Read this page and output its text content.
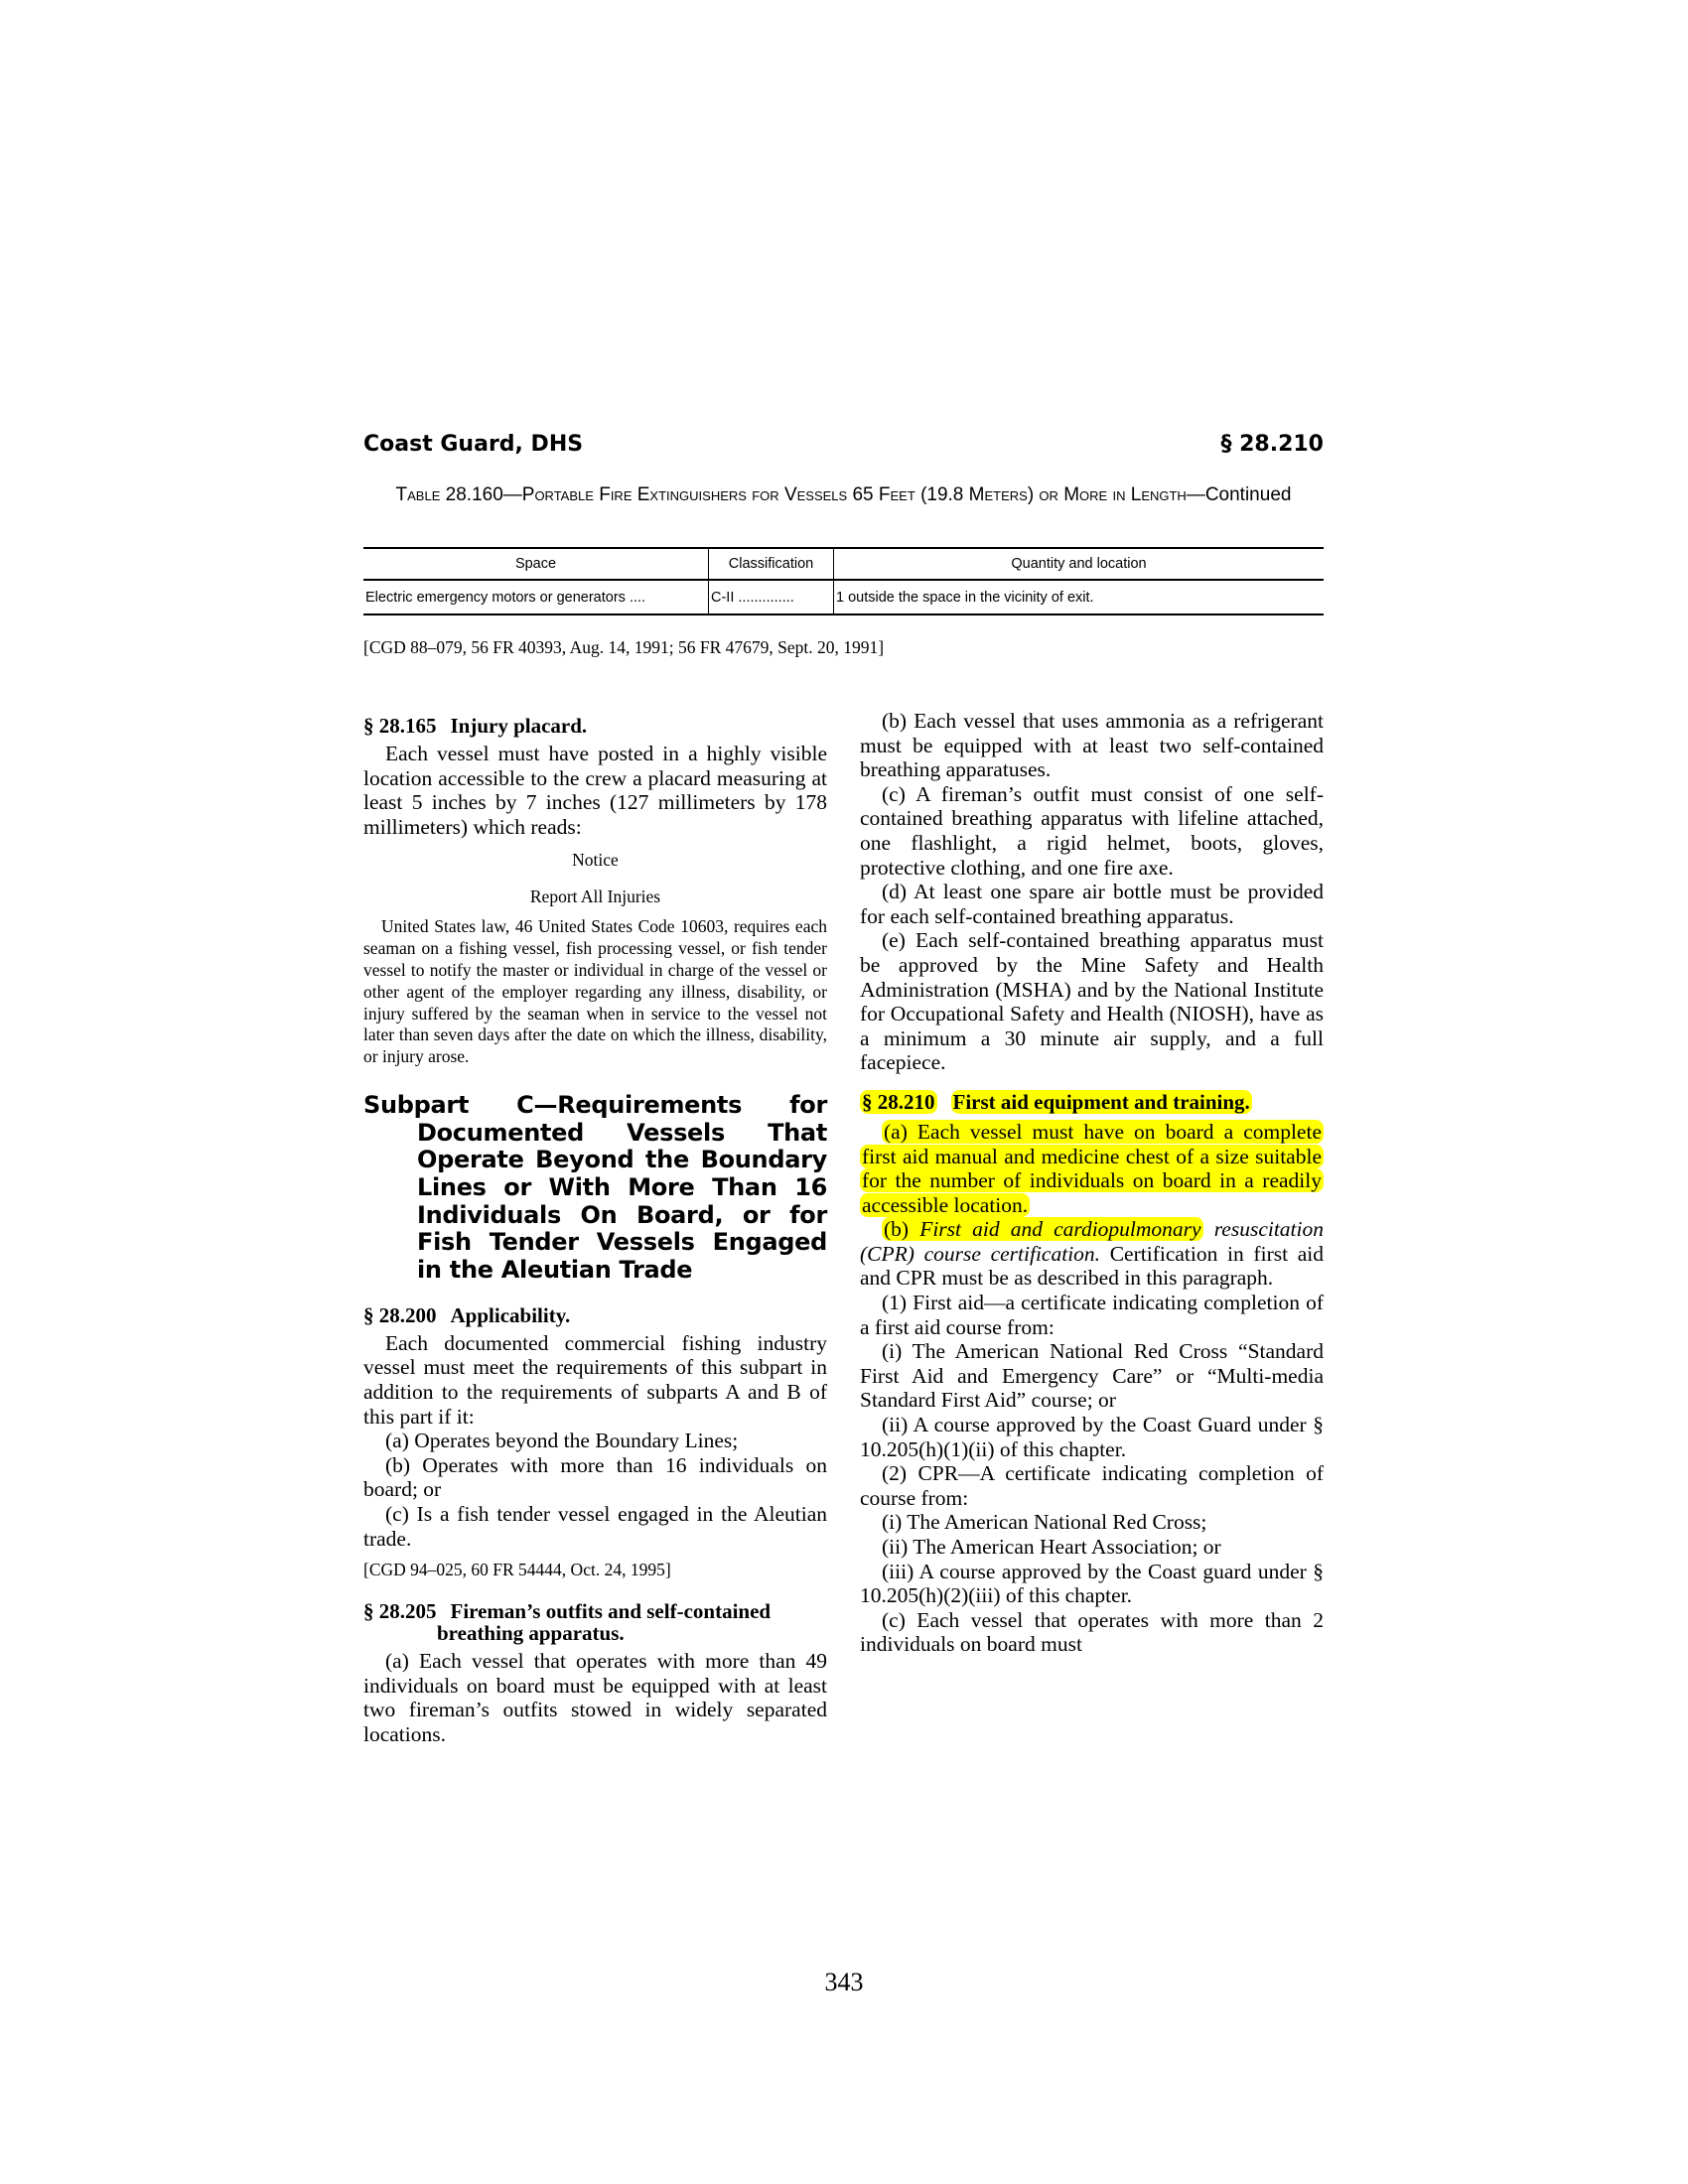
Coast Guard, DHS	§ 28.210
Table 28.160—Portable Fire Extinguishers for Vessels 65 Feet (19.8 Meters) or More in Length—Continued
Space	Classification	Quantity and location
Electric emergency motors or generators ....	C-II ..............	1 outside the space in the vicinity of exit.
[CGD 88–079, 56 FR 40393, Aug. 14, 1991; 56 FR 47679, Sept. 20, 1991]
§ 28.165 Injury placard.

Each vessel must have posted in a highly visible location accessible to the crew a placard measuring at least 5 inches by 7 inches (127 millimeters by 178 millimeters) which reads:

Notice

Report All Injuries

United States law, 46 United States Code 10603, requires each seaman on a fishing vessel, fish processing vessel, or fish tender vessel to notify the master or individual in charge of the vessel or other agent of the employer regarding any illness, disability, or injury suffered by the seaman when in service to the vessel not later than seven days after the date on which the illness, disability, or injury arose.

Subpart C—Requirements for Documented Vessels That Operate Beyond the Boundary Lines or With More Than 16 Individuals On Board, or for Fish Tender Vessels Engaged in the Aleutian Trade
§ 28.200 Applicability.

Each documented commercial fishing industry vessel must meet the requirements of this subpart in addition to the requirements of subparts A and B of this part if it:

(a) Operates beyond the Boundary Lines;

(b) Operates with more than 16 individuals on board; or

(c) Is a fish tender vessel engaged in the Aleutian trade.

[CGD 94–025, 60 FR 54444, Oct. 24, 1995]

§ 28.205 Fireman’s outfits and self-contained breathing apparatus.

(a) Each vessel that operates with more than 49 individuals on board must be equipped with at least two fireman’s outfits stowed in widely separated locations.

(b) Each vessel that uses ammonia as a refrigerant must be equipped with at least two self-contained breathing apparatuses.

(c) A fireman’s outfit must consist of one self-contained breathing apparatus with lifeline attached, one flashlight, a rigid helmet, boots, gloves, protective clothing, and one fire axe.

(d) At least one spare air bottle must be provided for each self-contained breathing apparatus.

(e) Each self-contained breathing apparatus must be approved by the Mine Safety and Health Administration (MSHA) and by the National Institute for Occupational Safety and Health (NIOSH), have as a minimum a 30 minute air supply, and a full facepiece.

§ 28.210 First aid equipment and training.

(a) Each vessel must have on board a complete first aid manual and medicine chest of a size suitable for the number of individuals on board in a readily accessible location.

(b) First aid and cardiopulmonary resuscitation (CPR) course certification. Certification in first aid and CPR must be as described in this paragraph.

(1) First aid—a certificate indicating completion of a first aid course from:

(i) The American National Red Cross “Standard First Aid and Emergency Care” or “Multi-media Standard First Aid” course; or

(ii) A course approved by the Coast Guard under § 10.205(h)(1)(ii) of this chapter.

(2) CPR—A certificate indicating completion of course from:

(i) The American National Red Cross;

(ii) The American Heart Association; or

(iii) A course approved by the Coast guard under § 10.205(h)(2)(iii) of this chapter.

(c) Each vessel that operates with more than 2 individuals on board must

343
